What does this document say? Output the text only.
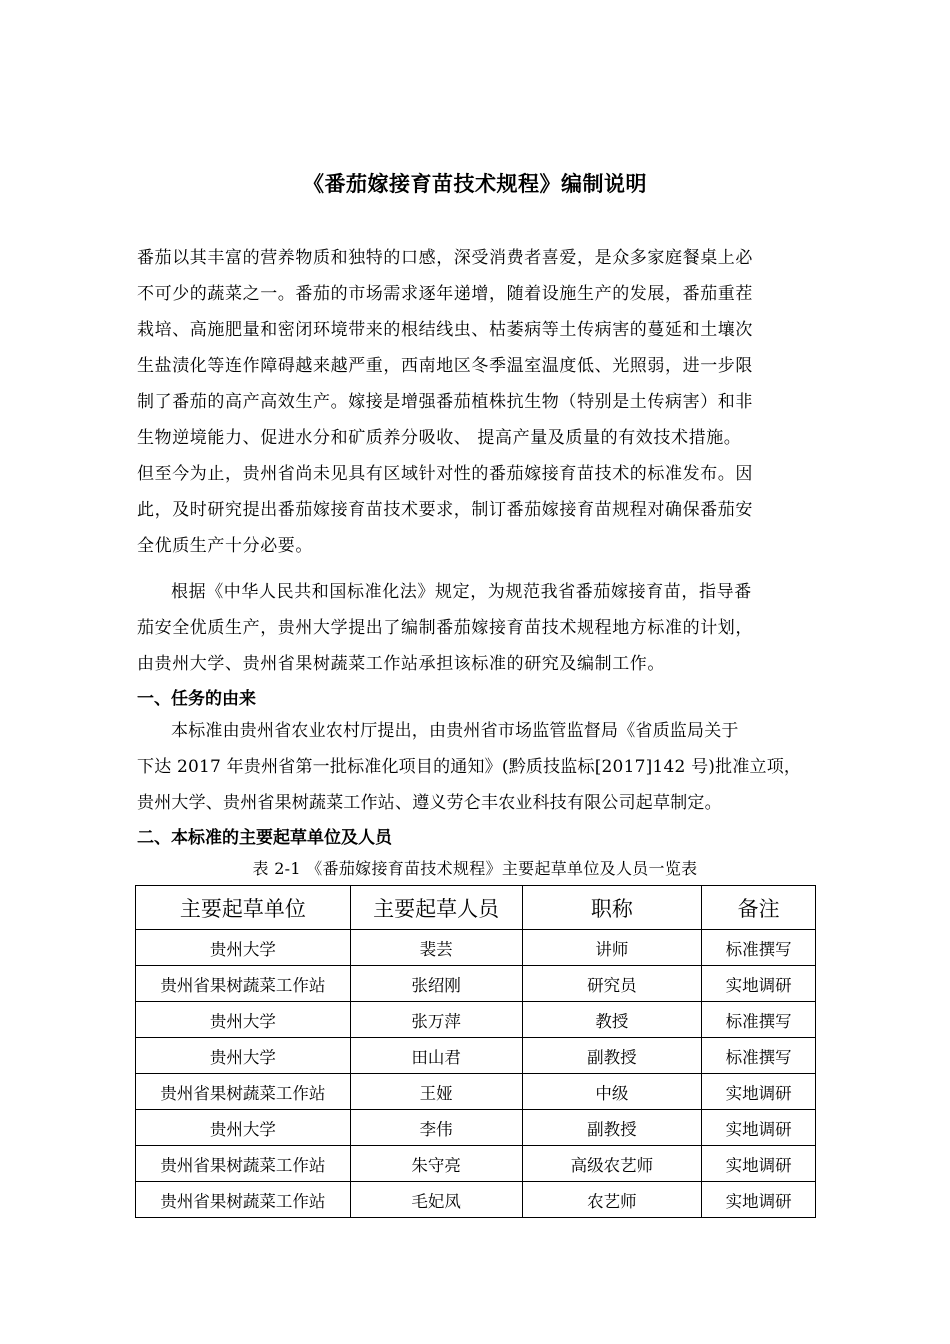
《番茄嫁接育苗技术规程》编制说明

番茄以其丰富的营养物质和独特的口感，深受消费者喜爱，是众多家庭餐桌上必
不可少的蔬菜之一。番茄的市场需求逐年递增，随着设施生产的发展，番茄重茬
栽培、高施肥量和密闭环境带来的根结线虫、枯萎病等土传病害的蔓延和土壤次
生盐渍化等连作障碍越来越严重，西南地区冬季温室温度低、光照弱，进一步限
制了番茄的高产高效生产。嫁接是增强番茄植株抗生物（特别是土传病害）和非
生物逆境能力、促进水分和矿质养分吸收、 提高产量及质量的有效技术措施。
但至今为止，贵州省尚未见具有区域针对性的番茄嫁接育苗技术的标准发布。因
此，及时研究提出番茄嫁接育苗技术要求，制订番茄嫁接育苗规程对确保番茄安
全优质生产十分必要。

根据《中华人民共和国标准化法》规定，为规范我省番茄嫁接育苗，指导番
茄安全优质生产，贵州大学提出了编制番茄嫁接育苗技术规程地方标准的计划，
由贵州大学、贵州省果树蔬菜工作站承担该标准的研究及编制工作。

一、任务的由来

本标准由贵州省农业农村厅提出，由贵州省市场监管监督局《省质监局关于
下达 2017 年贵州省第一批标准化项目的通知》(黔质技监标[2017]142 号)批准立项，
贵州大学、贵州省果树蔬菜工作站、遵义劳仑丰农业科技有限公司起草制定。

二、本标准的主要起草单位及人员
表 2-1 《番茄嫁接育苗技术规程》主要起草单位及人员一览表
主要起草单位	主要起草人员	职称	备注
贵州大学	裴芸	讲师	标准撰写
贵州省果树蔬菜工作站	张绍刚	研究员	实地调研
贵州大学	张万萍	教授	标准撰写
贵州大学	田山君	副教授	标准撰写
贵州省果树蔬菜工作站	王娅	中级	实地调研
贵州大学	李伟	副教授	实地调研
贵州省果树蔬菜工作站	朱守亮	高级农艺师	实地调研
贵州省果树蔬菜工作站	毛妃凤	农艺师	实地调研
